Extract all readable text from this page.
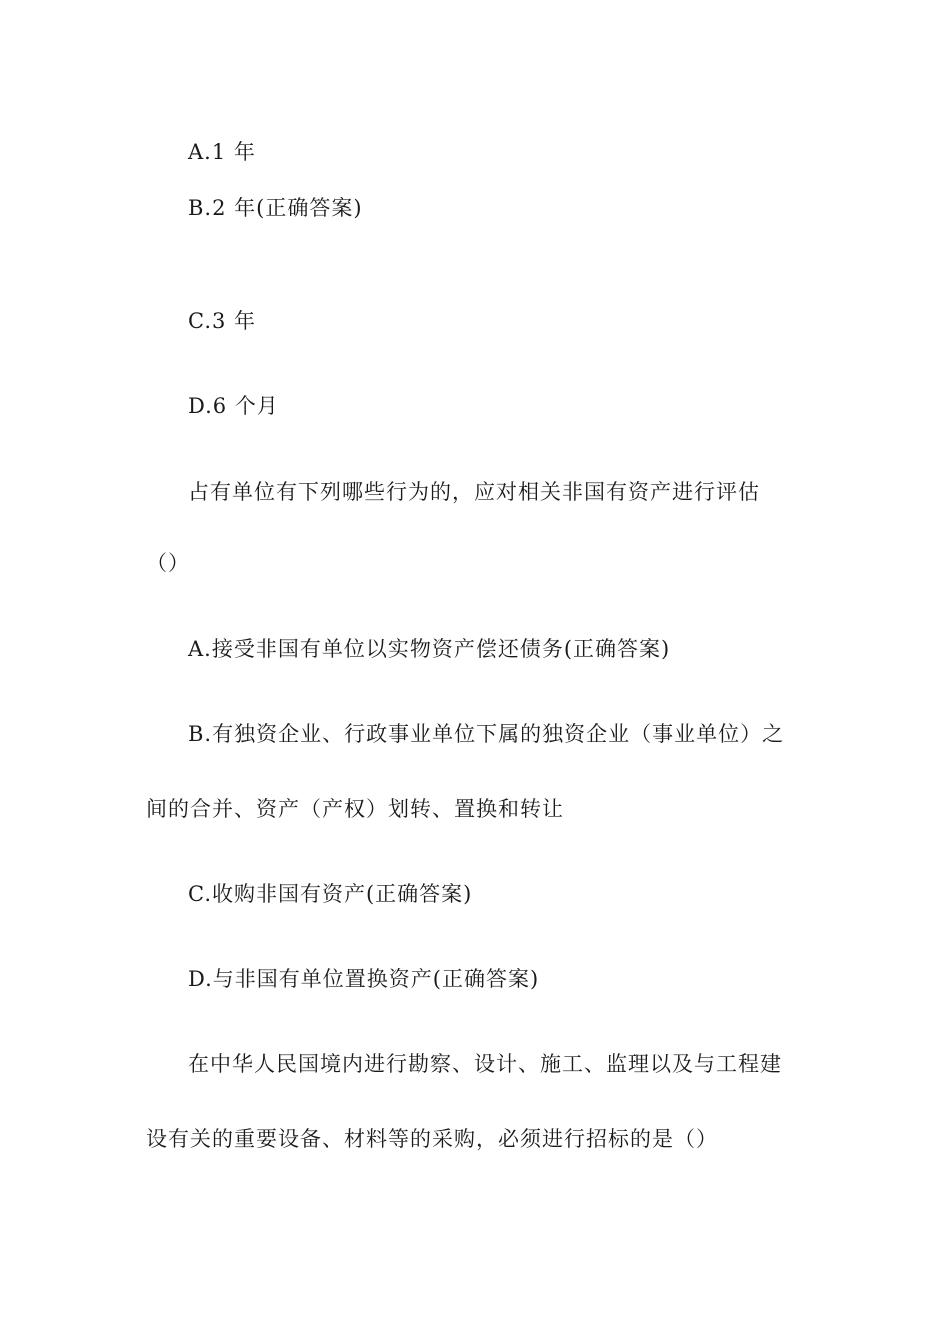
A.1 年
B.2 年(正确答案)
C.3 年
D.6 个月
占有单位有下列哪些行为的，应对相关非国有资产进行评估
（）
A.接受非国有单位以实物资产偿还债务(正确答案)
B.有独资企业、行政事业单位下属的独资企业（事业单位）之
间的合并、资产（产权）划转、置换和转让
C.收购非国有资产(正确答案)
D.与非国有单位置换资产(正确答案)
在中华人民国境内进行勘察、设计、施工、监理以及与工程建
设有关的重要设备、材料等的采购，必须进行招标的是（）
